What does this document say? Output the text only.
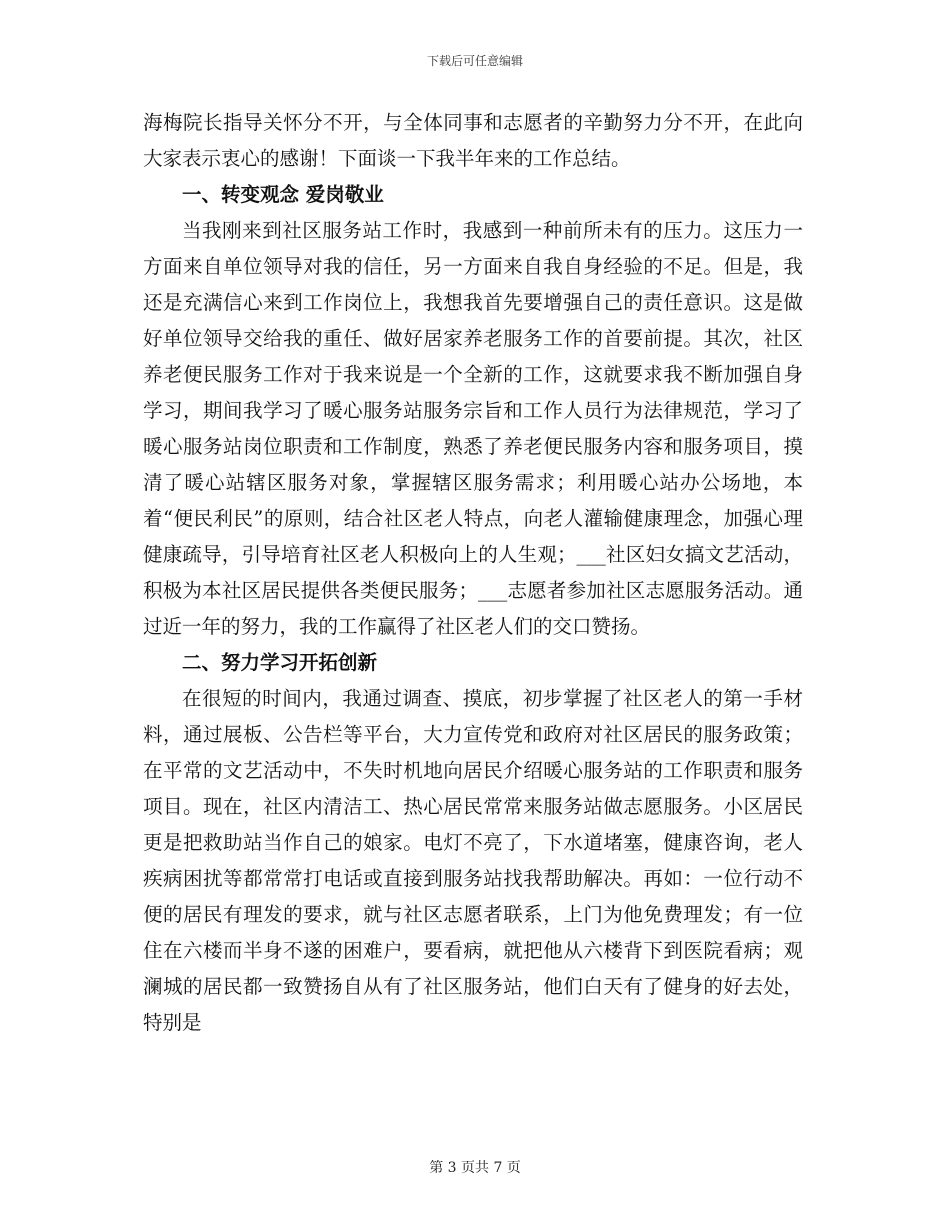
下载后可任意编辑

海梅院长指导关怀分不开，与全体同事和志愿者的辛勤努力分不开，在此向大家表示衷心的感谢！下面谈一下我半年来的工作总结。

一、转变观念 爱岗敬业

当我刚来到社区服务站工作时，我感到一种前所未有的压力。这压力一方面来自单位领导对我的信任，另一方面来自我自身经验的不足。但是，我还是充满信心来到工作岗位上，我想我首先要增强自己的责任意识。这是做好单位领导交给我的重任、做好居家养老服务工作的首要前提。其次，社区养老便民服务工作对于我来说是一个全新的工作，这就要求我不断加强自身学习，期间我学习了暖心服务站服务宗旨和工作人员行为法律规范，学习了暖心服务站岗位职责和工作制度，熟悉了养老便民服务内容和服务项目，摸清了暖心站辖区服务对象，掌握辖区服务需求；利用暖心站办公场地，本着“便民利民”的原则，结合社区老人特点，向老人灌输健康理念，加强心理健康疏导，引导培育社区老人积极向上的人生观；___社区妇女搞文艺活动，积极为本社区居民提供各类便民服务；___志愿者参加社区志愿服务活动。通过近一年的努力，我的工作赢得了社区老人们的交口赞扬。

二、努力学习开拓创新

在很短的时间内，我通过调查、摸底，初步掌握了社区老人的第一手材料，通过展板、公告栏等平台，大力宣传党和政府对社区居民的服务政策；在平常的文艺活动中，不失时机地向居民介绍暖心服务站的工作职责和服务项目。现在，社区内清洁工、热心居民常常来服务站做志愿服务。小区居民更是把救助站当作自己的娘家。电灯不亮了，下水道堵塞，健康咨询，老人疾病困扰等都常常打电话或直接到服务站找我帮助解决。再如：一位行动不便的居民有理发的要求，就与社区志愿者联系，上门为他免费理发；有一位住在六楼而半身不遂的困难户，要看病，就把他从六楼背下到医院看病；观澜城的居民都一致赞扬自从有了社区服务站，他们白天有了健身的好去处，特别是

第 3 页共 7 页
